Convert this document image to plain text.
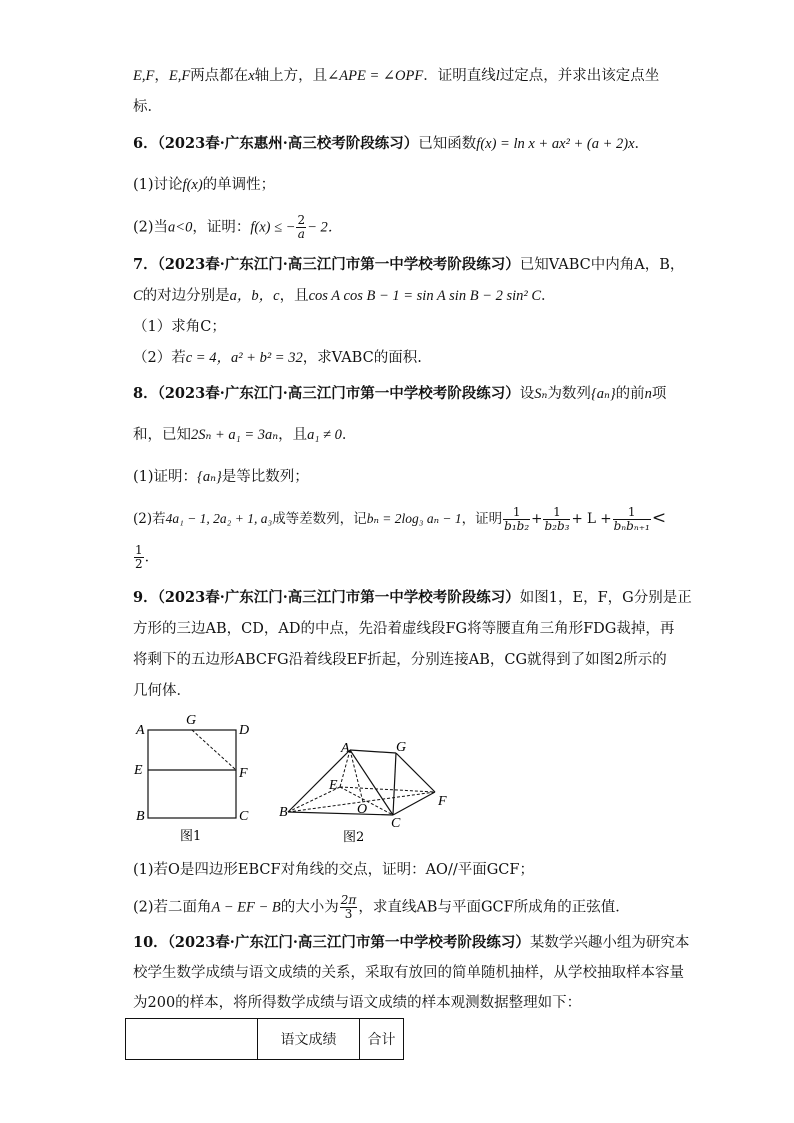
E,F，E,F两点都在x轴上方，且∠APE = ∠OPF．证明直线l过定点，并求出该定点坐
标．
6．（2023春·广东惠州·高三校考阶段练习）已知函数f(x) = ln x + ax² + (a + 2)x．
(1)讨论f(x)的单调性；
(2)当a<0，证明：f(x) ≤ − $\frac{2}{a} - 2$．
7．（2023春·广东江门·高三江门市第一中学校考阶段练习）已知VABC中内角A，B，
C的对边分别是a，b，c，且cos A cos B − 1 = sin A sin B − 2 sin² C．
（1）求角C；
（2）若c = 4，a² + b² = 32，求VABC的面积.
8．（2023春·广东江门·高三江门市第一中学校考阶段练习）设Sₙ为数列{aₙ}的前n项
和，已知2Sₙ + a₁ = 3aₙ，且a₁ ≠ 0．
(1)证明：{aₙ}是等比数列；
(2)若4a₁ − 1, 2a₂ + 1, a₃成等差数列，记bₙ = 2log₃ aₙ − 1，证明 $\frac{1}{\text{b₁b₂}} + \frac{1}{\text{b₂b₃}} + L + \frac{1}{\text{bₙbₙ₊₁}}$ <
$\frac{1}{2}$ ．
9．（2023春·广东江门·高三江门市第一中学校考阶段练习）如图1，E，F，G分别是正
方形的三边AB，CD，AD的中点，先沿着虚线段FG将等腰直角三角形FDG裁掉，再
将剩下的五边形ABCFG沿着线段EF折起，分别连接AB，CG就得到了如图2所示的
几何体．
A
G
D
E	F
B	C
图1
A	G
E
O
F
B
C
图2
(1)若O是四边形EBCF对角线的交点，证明：AO//平面GCF；
(2)若二面角A − EF − B的大小为 $\frac{2\pi}{3}$ ，求直线AB与平面GCF所成角的正弦值．
10．（2023春·广东江门·高三江门市第一中学校考阶段练习）某数学兴趣小组为研究本
校学生数学成绩与语文成绩的关系，采取有放回的简单随机抽样，从学校抽取样本容量
为200的样本，将所得数学成绩与语文成绩的样本观测数据整理如下：
	语文成绩	合计
